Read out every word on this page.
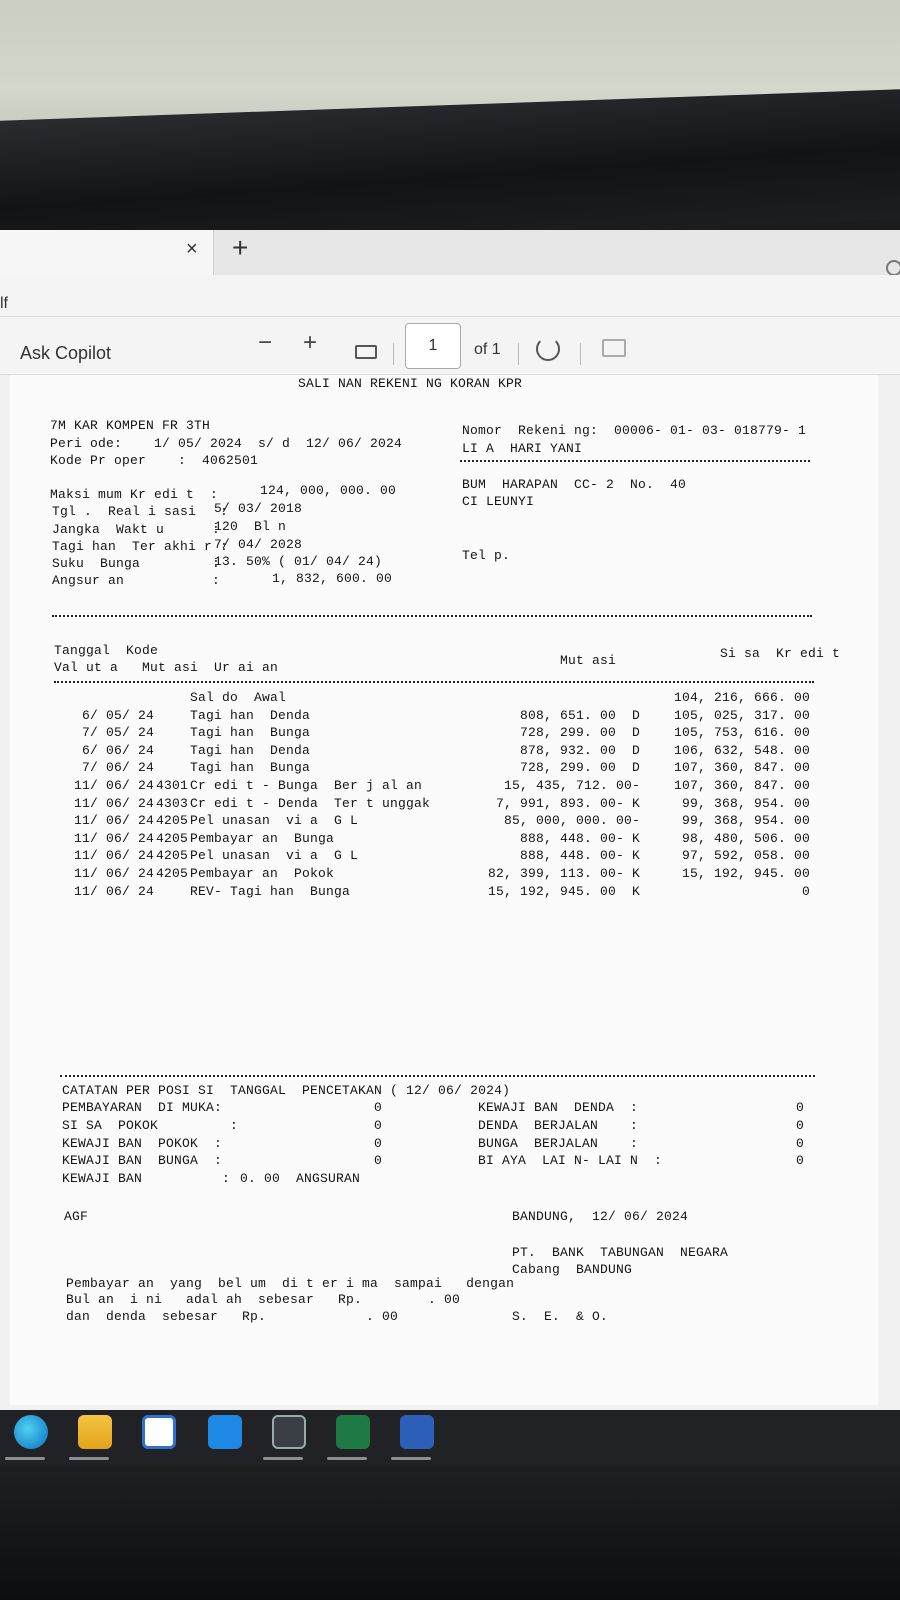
× +
lf
Ask Copilot	− +	1	of 1
SALI NAN REKENI NG KORAN KPR
7M KAR KOMPEN FR 3TH
Peri ode:    1/ 05/ 2024  s/ d  12/ 06/ 2024
Kode Pr oper    :  4062501
Nomor  Rekeni ng:  00006- 01- 03- 018779- 1
LI A  HARI YANI
Maksi mum Kr edi t  :	124, 000, 000. 00
Tgl .  Real i sasi   :
5/ 03/ 2018
Jangka  Wakt u      :
120  Bl n
Tagi han  Ter akhi r :
7/ 04/ 2028
Suku  Bunga         :
13. 50% ( 01/ 04/ 24)
Angsur an           :	1, 832, 600. 00
BUM  HARAPAN  CC- 2  No.  40
CI LEUNYI
Tel p.
Tanggal  Kode
Val ut a   Mut asi  Ur ai an	Mut asi	Si sa  Kr edi t
Sal do  Awal	104, 216, 666. 00
6/ 05/ 24	Tagi han  Denda	808, 651. 00  D	105, 025, 317. 00
7/ 05/ 24	Tagi han  Bunga	728, 299. 00  D	105, 753, 616. 00
6/ 06/ 24	Tagi han  Denda	878, 932. 00  D	106, 632, 548. 00
7/ 06/ 24	Tagi han  Bunga	728, 299. 00  D	107, 360, 847. 00
11/ 06/ 24 4301 Cr edi t - Bunga  Ber j al an	15, 435, 712. 00-	107, 360, 847. 00
11/ 06/ 24 4303 Cr edi t - Denda  Ter t unggak	7, 991, 893. 00- K	99, 368, 954. 00
11/ 06/ 24 4205 Pel unasan  vi a  G L	85, 000, 000. 00-	99, 368, 954. 00
11/ 06/ 24 4205 Pembayar an  Bunga	888, 448. 00- K	98, 480, 506. 00
11/ 06/ 24 4205 Pel unasan  vi a  G L	888, 448. 00- K	97, 592, 058. 00
11/ 06/ 24 4205 Pembayar an  Pokok	82, 399, 113. 00- K	15, 192, 945. 00
11/ 06/ 24	REV- Tagi han  Bunga	15, 192, 945. 00  K	0
CATATAN PER POSI SI  TANGGAL  PENCETAKAN ( 12/ 06/ 2024)
PEMBAYARAN  DI MUKA:	0
SI SA  POKOK         :	0
KEWAJI BAN  POKOK  :	0
KEWAJI BAN  BUNGA  :	0
KEWAJI BAN          : 0. 00  ANGSURAN
KEWAJI BAN  DENDA  :	0
DENDA  BERJALAN    :	0
BUNGA  BERJALAN    :	0
BI AYA  LAI N- LAI N  :	0
AGF	BANDUNG,  12/ 06/ 2024
PT.  BANK  TABUNGAN  NEGARA
Cabang  BANDUNG
Pembayar an  yang  bel um  di t er i ma  sampai   dengan
Bul an  i ni   adal ah  sebesar   Rp.	. 00
dan  denda  sebesar   Rp.	. 00	S.  E.  & O.
